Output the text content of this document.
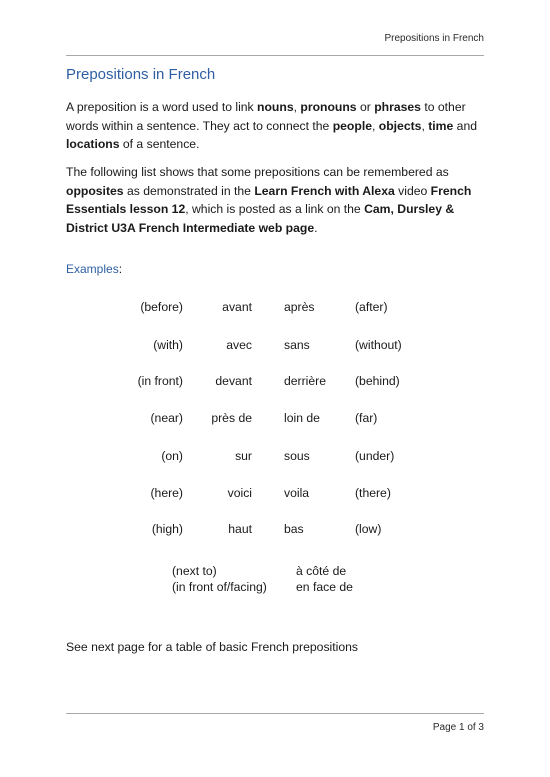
Prepositions in French
Prepositions in French
A preposition is a word used to link nouns, pronouns or phrases to other words within a sentence. They act to connect the people, objects, time and locations of a sentence.
The following list shows that some prepositions can be remembered as opposites as demonstrated in the Learn French with Alexa video French Essentials lesson 12, which is posted as a link on the Cam, Dursley & District U3A French Intermediate web page.
Examples:
(before)	avant	après	(after)
(with)	avec	sans	(without)
(in front)	devant	derrière (behind)
(near) près de	loin de	(far)
(on)	sur	sous	(under)
(here)	voici	voila	(there)
(high)	haut	bas	(low)
(next to)	à côté de
(in front of/facing) en face de
See next page for a table of basic French prepositions
Page 1 of 3
